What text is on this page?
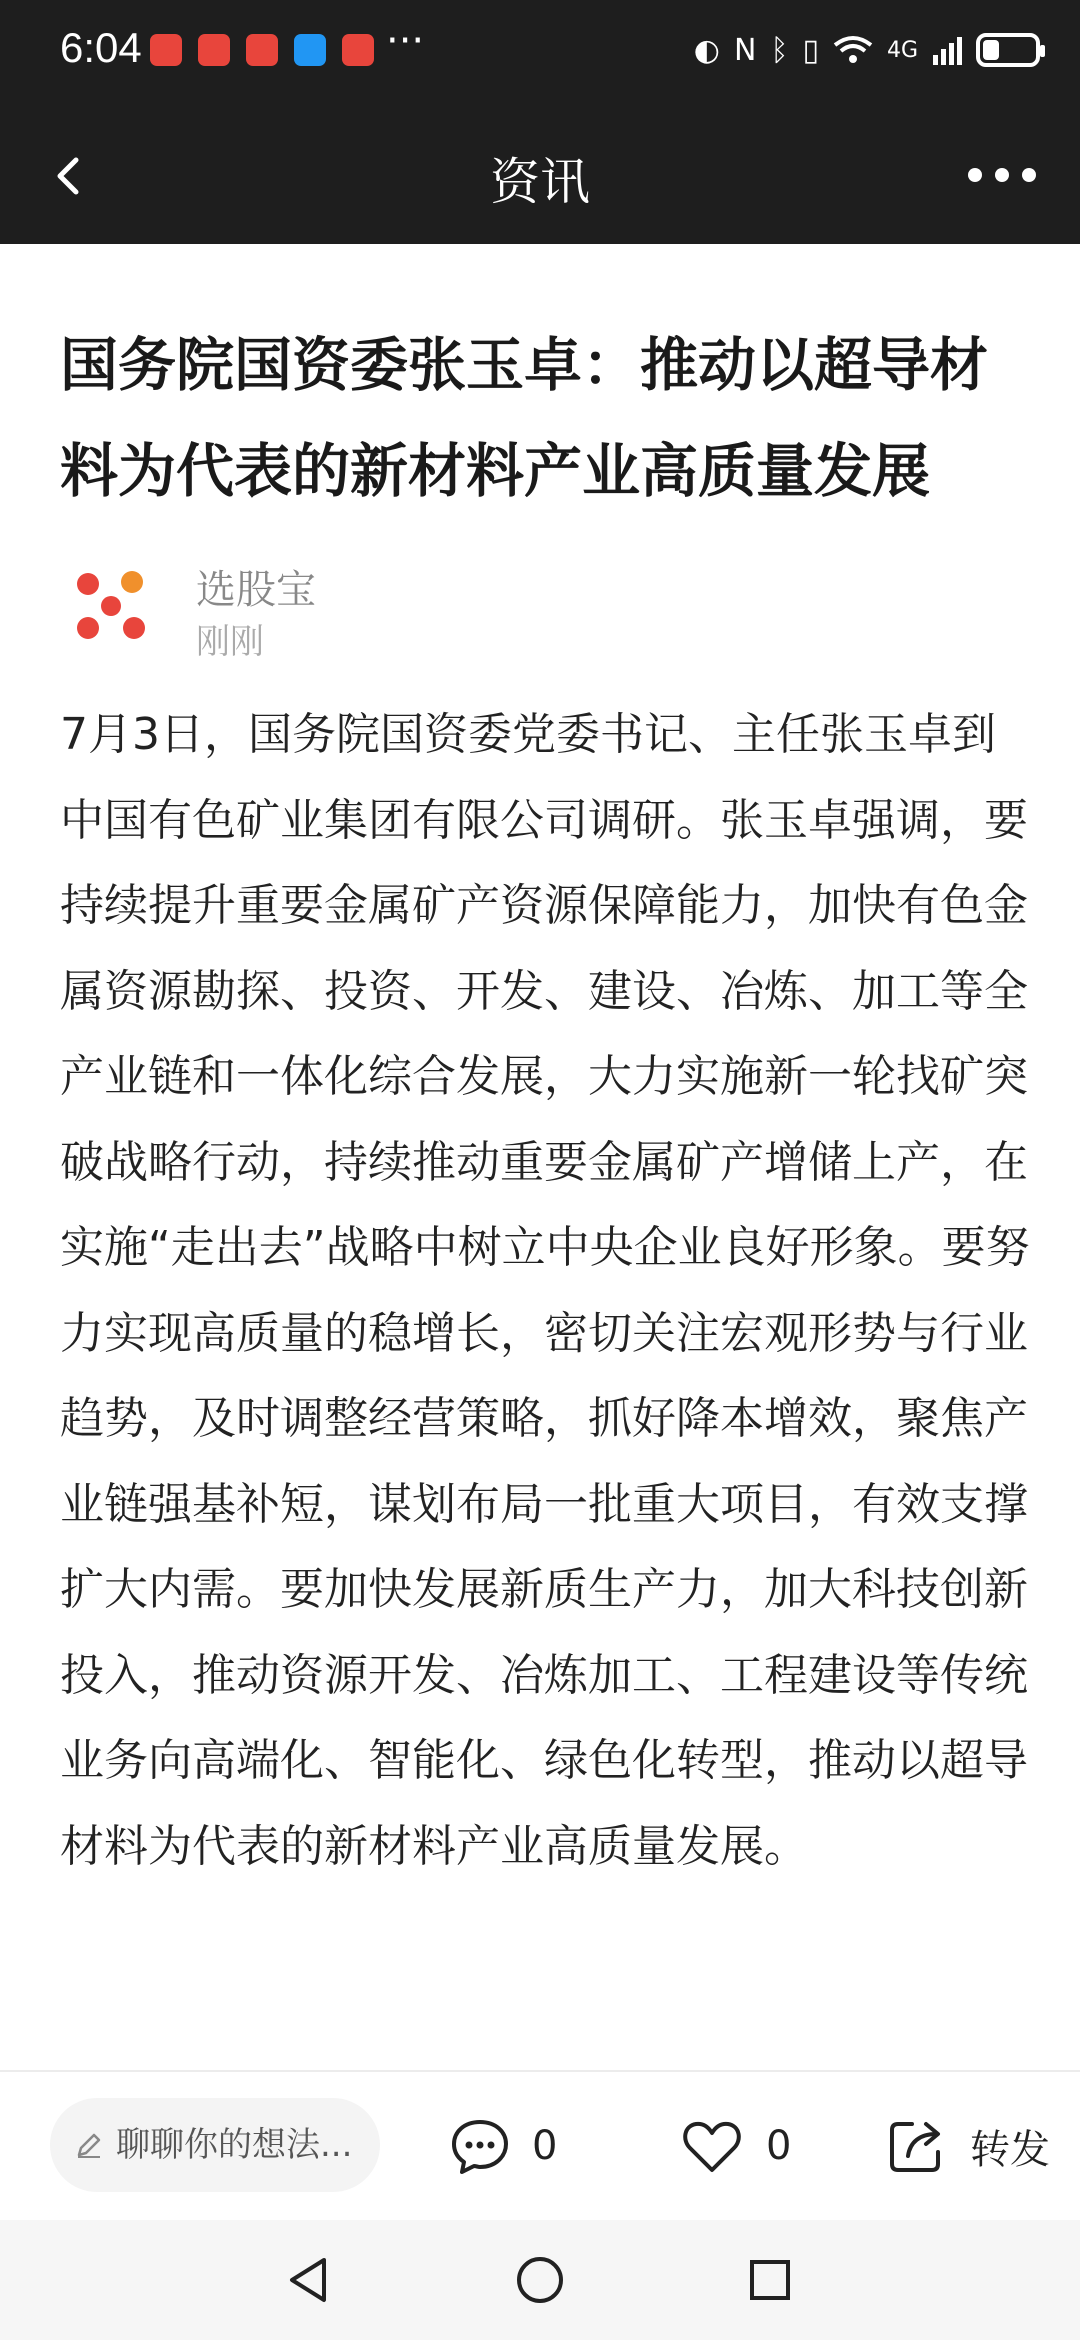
6:04	···	◐ N ᛒ ▯	4G
资讯
国务院国资委张玉卓：推动以超导材料为代表的新材料产业高质量发展
选股宝
刚刚

7月3日，国务院国资委党委书记、主任张玉卓到中国有色矿业集团有限公司调研。张玉卓强调，要持续提升重要金属矿产资源保障能力，加快有色金属资源勘探、投资、开发、建设、冶炼、加工等全产业链和一体化综合发展，大力实施新一轮找矿突破战略行动，持续推动重要金属矿产增储上产，在实施“走出去”战略中树立中央企业良好形象。要努力实现高质量的稳增长，密切关注宏观形势与行业趋势，及时调整经营策略，抓好降本增效，聚焦产业链强基补短，谋划布局一批重大项目，有效支撑扩大内需。要加快发展新质生产力，加大科技创新投入，推动资源开发、冶炼加工、工程建设等传统业务向高端化、智能化、绿色化转型，推动以超导材料为代表的新材料产业高质量发展。

聊聊你的想法...
0	0	转发
